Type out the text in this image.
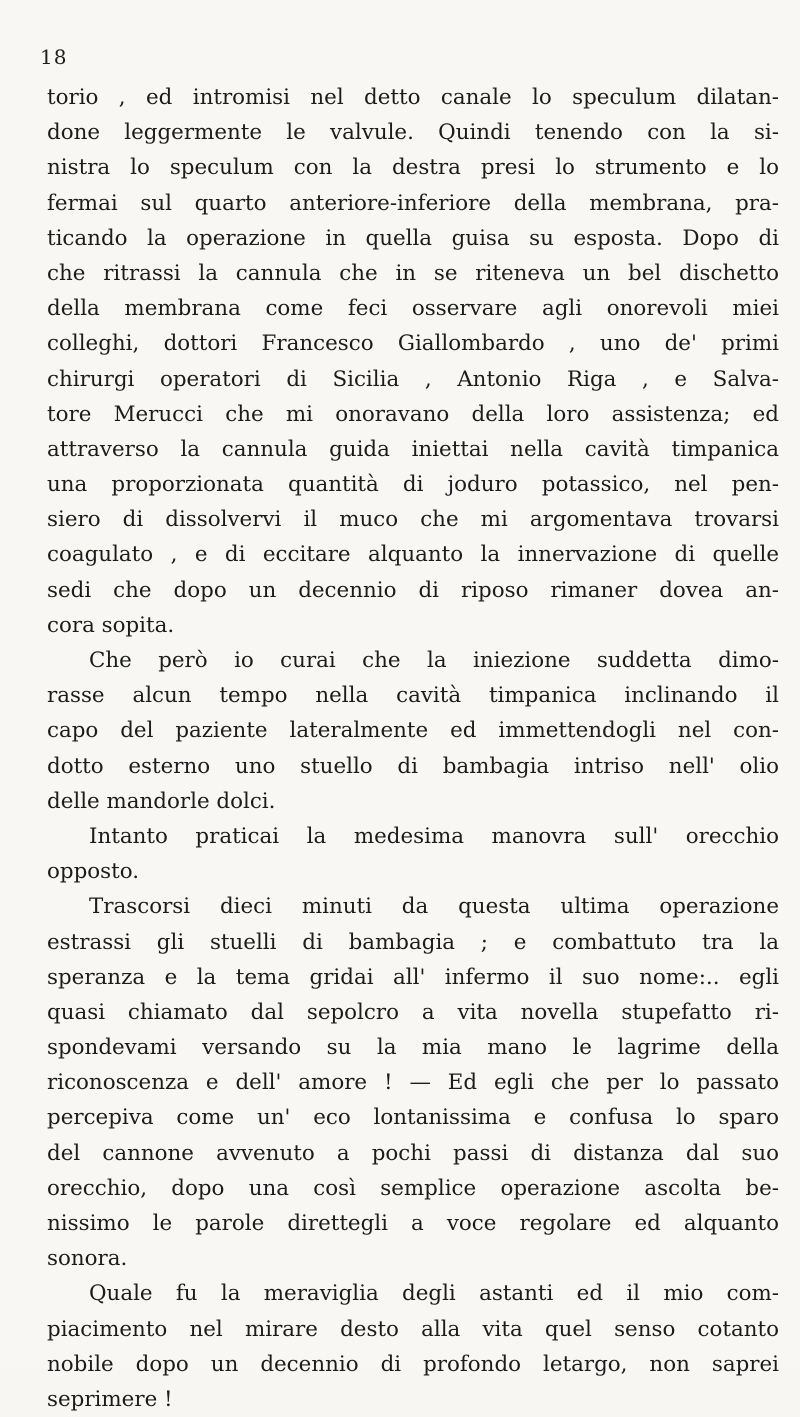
18
torio , ed intromisi nel detto canale lo speculum dilatan-
done leggermente le valvule. Quindi tenendo con la si-
nistra lo speculum con la destra presi lo strumento e lo
fermai sul quarto anteriore-inferiore della membrana, pra-
ticando la operazione in quella guisa su esposta. Dopo di
che ritrassi la cannula che in se riteneva un bel dischetto
della membrana come feci osservare agli onorevoli miei
colleghi, dottori Francesco Giallombardo , uno de' primi
chirurgi operatori di Sicilia , Antonio Riga , e Salva-
tore Merucci che mi onoravano della loro assistenza; ed
attraverso la cannula guida iniettai nella cavità timpanica
una proporzionata quantità di joduro potassico, nel pen-
siero di dissolvervi il muco che mi argomentava trovarsi
coagulato , e di eccitare alquanto la innervazione di quelle
sedi che dopo un decennio di riposo rimaner dovea an-
cora sopita.
Che però io curai che la iniezione suddetta dimo-
rasse alcun tempo nella cavità timpanica inclinando il
capo del paziente lateralmente ed immettendogli nel con-
dotto esterno uno stuello di bambagia intriso nell' olio
delle mandorle dolci.
Intanto praticai la medesima manovra sull' orecchio
opposto.
Trascorsi dieci minuti da questa ultima operazione
estrassi gli stuelli di bambagia ; e combattuto tra la
speranza e la tema gridai all' infermo il suo nome:.. egli
quasi chiamato dal sepolcro a vita novella stupefatto ri-
spondevami versando su la mia mano le lagrime della
riconoscenza e dell' amore ! — Ed egli che per lo passato
percepiva come un' eco lontanissima e confusa lo sparo
del cannone avvenuto a pochi passi di distanza dal suo
orecchio, dopo una così semplice operazione ascolta be-
nissimo le parole direttegli a voce regolare ed alquanto
sonora.
Quale fu la meraviglia degli astanti ed il mio com-
piacimento nel mirare desto alla vita quel senso cotanto
nobile dopo un decennio di profondo letargo, non saprei
seprimere !
